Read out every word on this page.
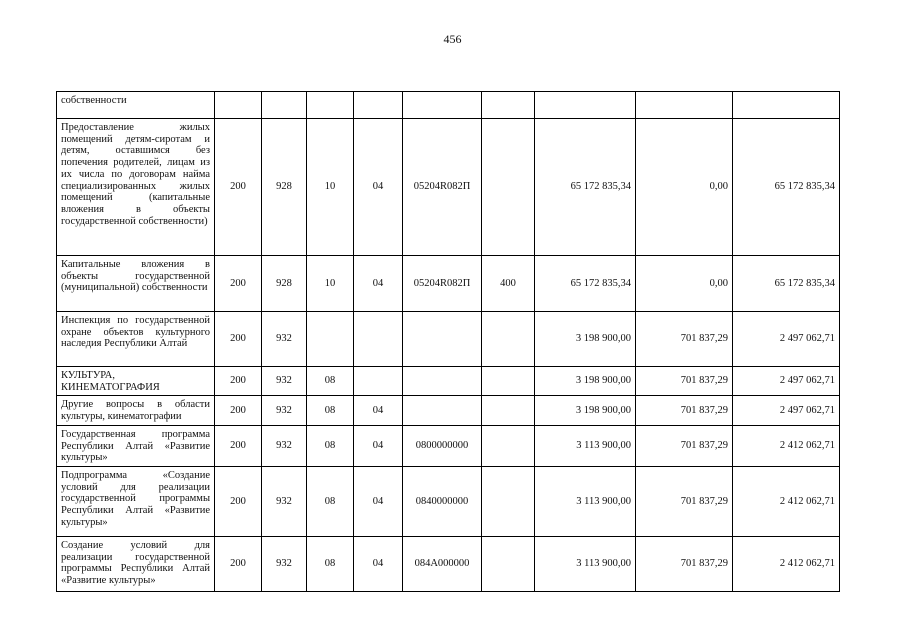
456
собственности									
Предоставление жилых помещений детям-сиротам и детям, оставшимся без попечения родителей, лицам из их числа по договорам найма специализированных жилых помещений (капитальные вложения в объекты государственной собственности)	200	928	10	04	05204R082П		65 172 835,34	0,00	65 172 835,34
Капитальные вложения в объекты государственной (муниципальной) собственности	200	928	10	04	05204R082П	400	65 172 835,34	0,00	65 172 835,34
Инспекция по государственной охране объектов культурного наследия Республики Алтай	200	932					3 198 900,00	701 837,29	2 497 062,71
КУЛЬТУРА, КИНЕМАТОГРАФИЯ	200	932	08				3 198 900,00	701 837,29	2 497 062,71
Другие вопросы в области культуры, кинематографии	200	932	08	04			3 198 900,00	701 837,29	2 497 062,71
Государственная программа Республики Алтай «Развитие культуры»	200	932	08	04	0800000000		3 113 900,00	701 837,29	2 412 062,71
Подпрограмма «Создание условий для реализации государственной программы Республики Алтай «Развитие культуры»	200	932	08	04	0840000000		3 113 900,00	701 837,29	2 412 062,71
Создание условий для реализации государственной программы Республики Алтай «Развитие культуры»	200	932	08	04	084A000000		3 113 900,00	701 837,29	2 412 062,71
